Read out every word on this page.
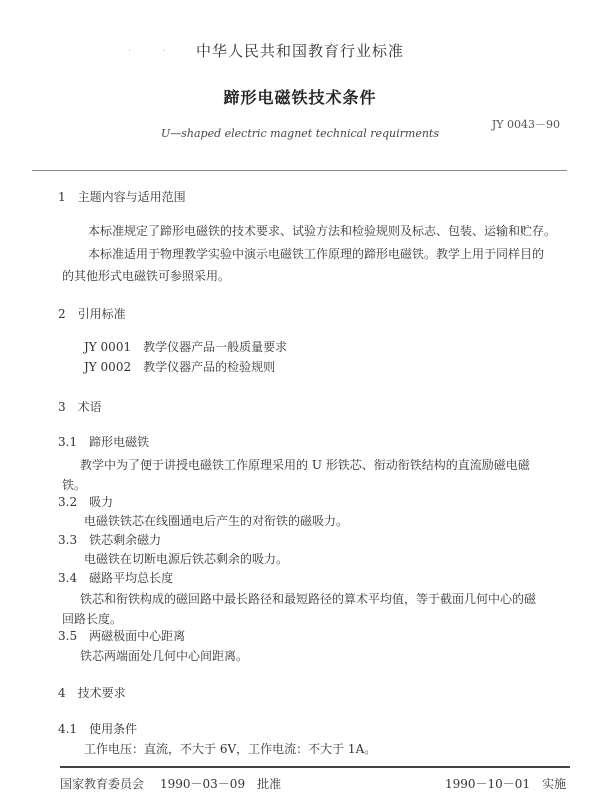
· · ·
中华人民共和国教育行业标准
蹄形电磁铁技术条件
JY 0043－90
U—shaped electric magnet technical requirments
1　主题内容与适用范围
本标准规定了蹄形电磁铁的技术要求、试验方法和检验规则及标志、包装、运输和贮存。
本标准适用于物理教学实验中演示电磁铁工作原理的蹄形电磁铁。教学上用于同样目的
的其他形式电磁铁可参照采用。
2　引用标准
JY 0001　教学仪器产品一般质量要求
JY 0002　教学仪器产品的检验规则
3　术语
3.1　蹄形电磁铁
教学中为了便于讲授电磁铁工作原理采用的 U 形铁芯、衔动衔铁结构的直流励磁电磁
铁。
3.2　吸力
电磁铁铁芯在线圈通电后产生的对衔铁的磁吸力。
3.3　铁芯剩余磁力
电磁铁在切断电源后铁芯剩余的吸力。
3.4　磁路平均总长度
铁芯和衔铁构成的磁回路中最长路径和最短路径的算术平均值，等于截面几何中心的磁
回路长度。
3.5　两磁极面中心距离
铁芯两端面处几何中心间距离。
4　技术要求
4.1　使用条件
工作电压：直流，不大于 6V，工作电流：不大于 1A。
国家教育委员会 1990－03－09　批准	1990－10－01　实施
